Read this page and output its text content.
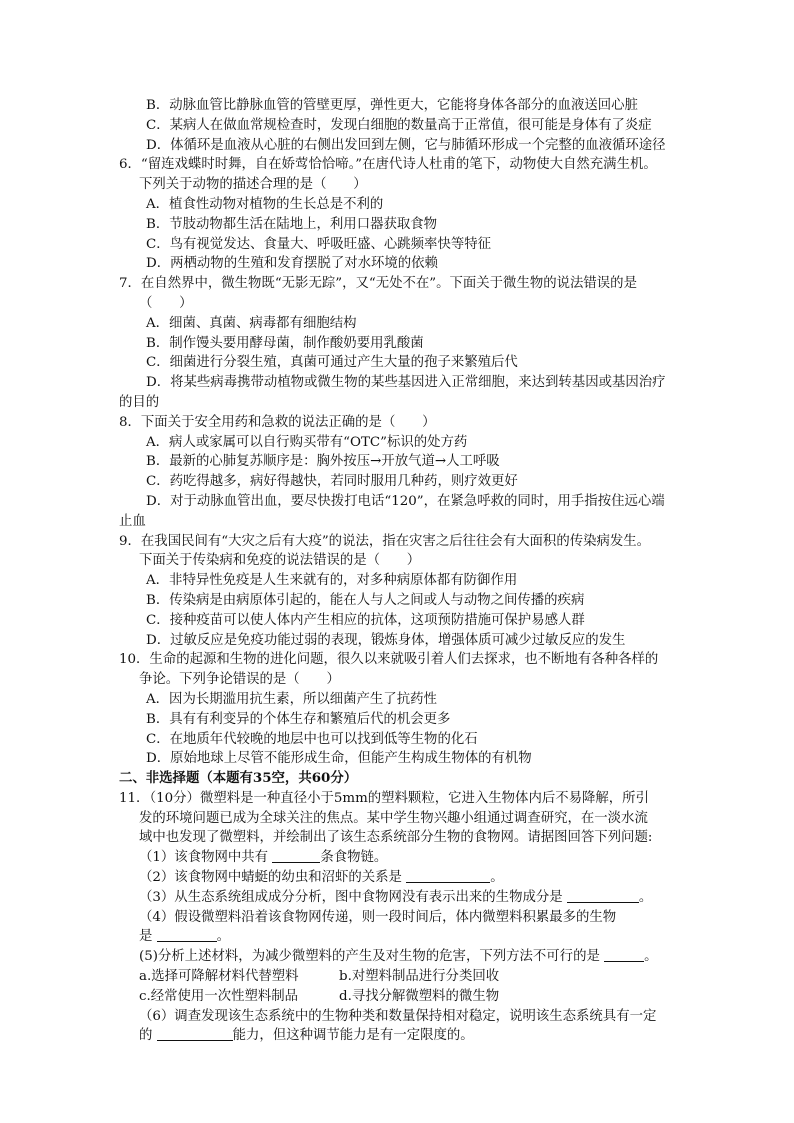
B．动脉血管比静脉血管的管壁更厚，弹性更大，它能将身体各部分的血液送回心脏
C．某病人在做血常规检查时，发现白细胞的数量高于正常值，很可能是身体有了炎症
D．体循环是血液从心脏的右侧出发回到左侧，它与肺循环形成一个完整的血液循环途径
6．“留连戏蝶时时舞，自在娇莺恰恰啼。”在唐代诗人杜甫的笔下，动物使大自然充满生机。
下列关于动物的描述合理的是（　　）
A．植食性动物对植物的生长总是不利的
B．节肢动物都生活在陆地上，利用口器获取食物
C．鸟有视觉发达、食量大、呼吸旺盛、心跳频率快等特征
D．两栖动物的生殖和发育摆脱了对水环境的依赖
7．在自然界中，微生物既“无影无踪”，又“无处不在”。下面关于微生物的说法错误的是
（　　）
A．细菌、真菌、病毒都有细胞结构
B．制作馒头要用酵母菌，制作酸奶要用乳酸菌
C．细菌进行分裂生殖，真菌可通过产生大量的孢子来繁殖后代
D．将某些病毒携带动植物或微生物的某些基因进入正常细胞，来达到转基因或基因治疗
的目的
8．下面关于安全用药和急救的说法正确的是（　　）
A．病人或家属可以自行购买带有“OTC”标识的处方药
B．最新的心肺复苏顺序是：胸外按压→开放气道→人工呼吸
C．药吃得越多，病好得越快，若同时服用几种药，则疗效更好
D．对于动脉血管出血，要尽快拨打电话“120”，在紧急呼救的同时，用手指按住远心端
止血
9．在我国民间有“大灾之后有大疫”的说法，指在灾害之后往往会有大面积的传染病发生。
下面关于传染病和免疫的说法错误的是（　　）
A．非特异性免疫是人生来就有的，对多种病原体都有防御作用
B．传染病是由病原体引起的，能在人与人之间或人与动物之间传播的疾病
C．接种疫苗可以使人体内产生相应的抗体，这项预防措施可保护易感人群
D．过敏反应是免疫功能过弱的表现，锻炼身体，增强体质可减少过敏反应的发生
10．生命的起源和生物的进化问题，很久以来就吸引着人们去探求，也不断地有各种各样的
争论。下列争论错误的是（　　）
A．因为长期滥用抗生素，所以细菌产生了抗药性
B．具有有利变异的个体生存和繁殖后代的机会更多
C．在地质年代较晚的地层中也可以找到低等生物的化石
D．原始地球上尽管不能形成生命，但能产生构成生物体的有机物
二、非选择题（本题有35空，共60分）
11．（10分）微塑料是一种直径小于5mm的塑料颗粒，它进入生物体内后不易降解，所引
发的环境问题已成为全球关注的焦点。某中学生物兴趣小组通过调查研究，在一淡水流
域中也发现了微塑料，并绘制出了该生态系统部分生物的食物网。请据图回答下列问题:
（1）该食物网中共有	条食物链。
（2）该食物网中蜻蜓的幼虫和沼虾的关系是	。
（3）从生态系统组成成分分析，图中食物网没有表示出来的生物成分是	。
（4）假设微塑料沿着该食物网传递，则一段时间后，体内微塑料积累最多的生物
是	。
(5)分析上述材料，为减少微塑料的产生及对生物的危害，下列方法不可行的是	。
a.选择可降解材料代替塑料	b.对塑料制品进行分类回收
c.经常使用一次性塑料制品	d.寻找分解微塑料的微生物
（6）调查发现该生态系统中的生物种类和数量保持相对稳定，说明该生态系统具有一定
的	能力，但这种调节能力是有一定限度的。
